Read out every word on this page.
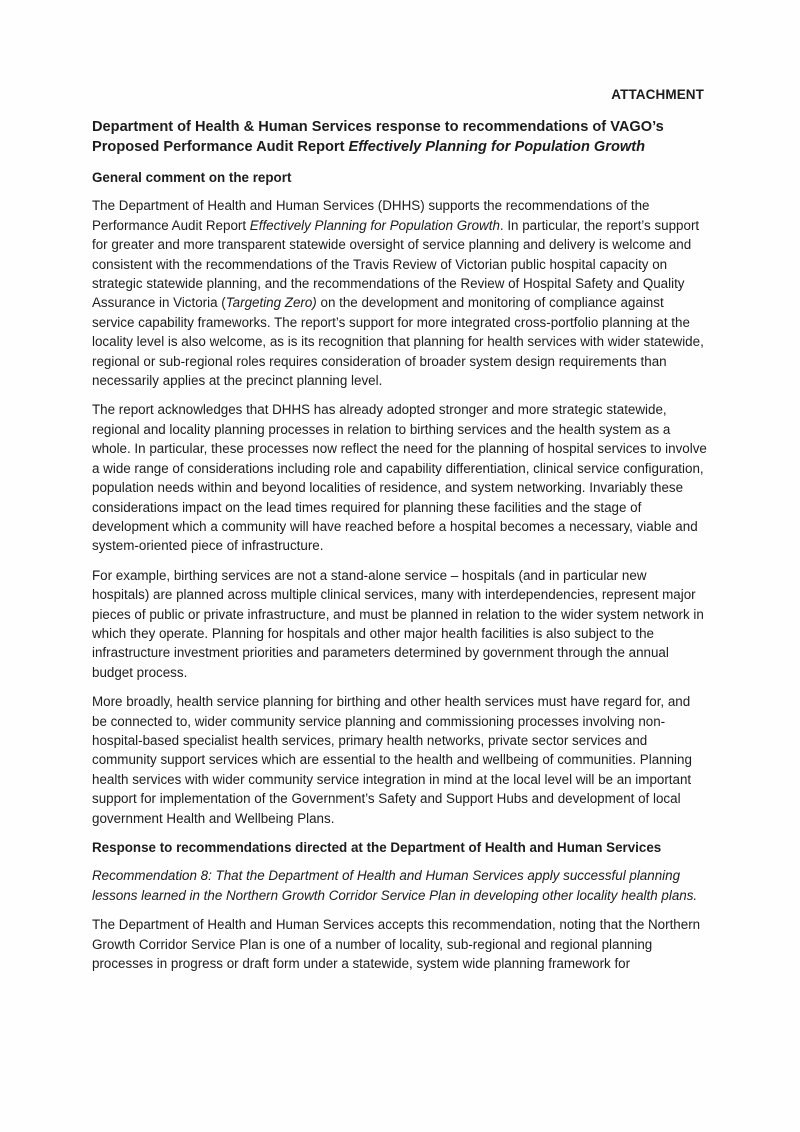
ATTACHMENT
Department of Health & Human Services response to recommendations of VAGO’s
Proposed Performance Audit Report Effectively Planning for Population Growth
General comment on the report

The Department of Health and Human Services (DHHS) supports the recommendations of the Performance Audit Report Effectively Planning for Population Growth. In particular, the report’s support for greater and more transparent statewide oversight of service planning and delivery is welcome and consistent with the recommendations of the Travis Review of Victorian public hospital capacity on strategic statewide planning, and the recommendations of the Review of Hospital Safety and Quality Assurance in Victoria (Targeting Zero) on the development and monitoring of compliance against service capability frameworks. The report’s support for more integrated cross-portfolio planning at the locality level is also welcome, as is its recognition that planning for health services with wider statewide, regional or sub-regional roles requires consideration of broader system design requirements than necessarily applies at the precinct planning level.

The report acknowledges that DHHS has already adopted stronger and more strategic statewide, regional and locality planning processes in relation to birthing services and the health system as a whole. In particular, these processes now reflect the need for the planning of hospital services to involve a wide range of considerations including role and capability differentiation, clinical service configuration, population needs within and beyond localities of residence, and system networking. Invariably these considerations impact on the lead times required for planning these facilities and the stage of development which a community will have reached before a hospital becomes a necessary, viable and system-oriented piece of infrastructure.

For example, birthing services are not a stand-alone service – hospitals (and in particular new hospitals) are planned across multiple clinical services, many with interdependencies, represent major pieces of public or private infrastructure, and must be planned in relation to the wider system network in which they operate. Planning for hospitals and other major health facilities is also subject to the infrastructure investment priorities and parameters determined by government through the annual budget process.

More broadly, health service planning for birthing and other health services must have regard for, and be connected to, wider community service planning and commissioning processes involving non-hospital-based specialist health services, primary health networks, private sector services and community support services which are essential to the health and wellbeing of communities. Planning health services with wider community service integration in mind at the local level will be an important support for implementation of the Government’s Safety and Support Hubs and development of local government Health and Wellbeing Plans.

Response to recommendations directed at the Department of Health and Human Services

Recommendation 8: That the Department of Health and Human Services apply successful planning lessons learned in the Northern Growth Corridor Service Plan in developing other locality health plans.

The Department of Health and Human Services accepts this recommendation, noting that the Northern Growth Corridor Service Plan is one of a number of locality, sub-regional and regional planning processes in progress or draft form under a statewide, system wide planning framework for
